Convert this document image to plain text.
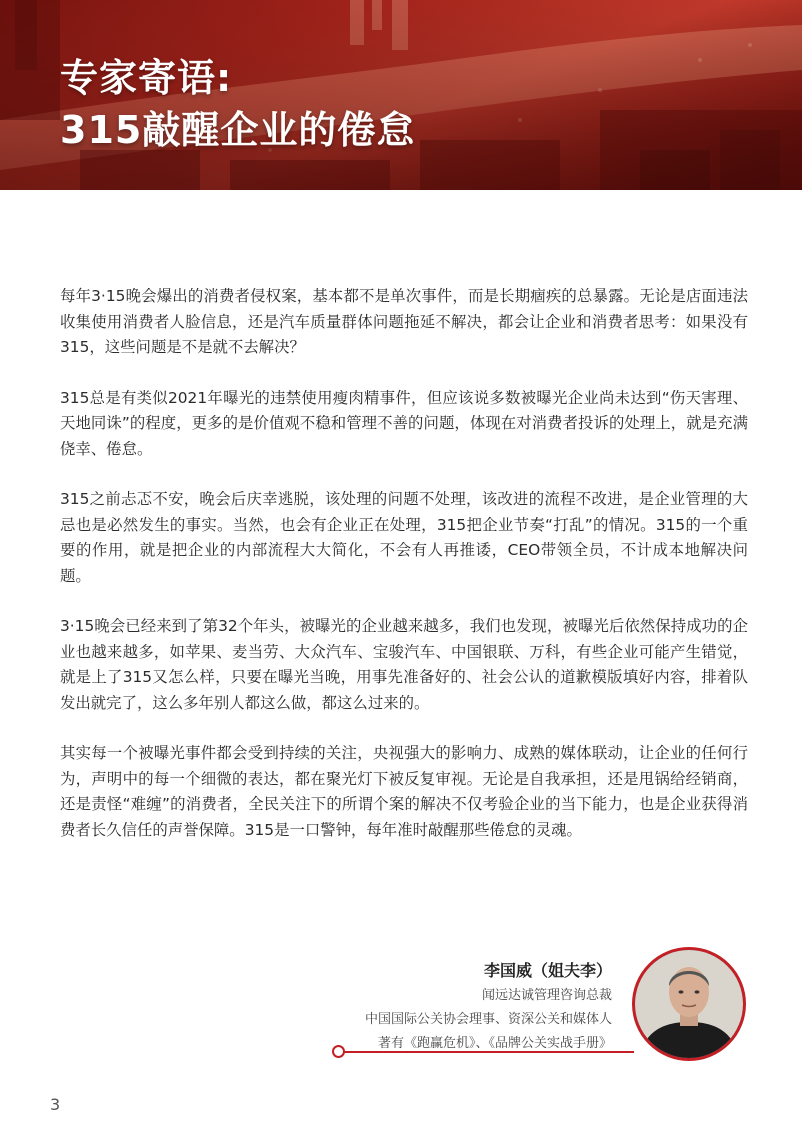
专家寄语:
315敲醒企业的倦怠

每年3·15晚会爆出的消费者侵权案，基本都不是单次事件，而是长期痼疾的总暴露。无论是店面违法收集使用消费者人脸信息，还是汽车质量群体问题拖延不解决，都会让企业和消费者思考：如果没有315，这些问题是不是就不去解决？

315总是有类似2021年曝光的违禁使用瘦肉精事件，但应该说多数被曝光企业尚未达到“伤天害理、天地同诛”的程度，更多的是价值观不稳和管理不善的问题，体现在对消费者投诉的处理上，就是充满侥幸、倦怠。

315之前忐忑不安，晚会后庆幸逃脱，该处理的问题不处理，该改进的流程不改进，是企业管理的大忌也是必然发生的事实。当然，也会有企业正在处理，315把企业节奏“打乱”的情况。315的一个重要的作用，就是把企业的内部流程大大简化，不会有人再推诿，CEO带领全员，不计成本地解决问题。

3·15晚会已经来到了第32个年头，被曝光的企业越来越多，我们也发现，被曝光后依然保持成功的企业也越来越多，如苹果、麦当劳、大众汽车、宝骏汽车、中国银联、万科，有些企业可能产生错觉，就是上了315又怎么样，只要在曝光当晚，用事先准备好的、社会公认的道歉模版填好内容，排着队发出就完了，这么多年别人都这么做，都这么过来的。

其实每一个被曝光事件都会受到持续的关注，央视强大的影响力、成熟的媒体联动，让企业的任何行为，声明中的每一个细微的表达，都在聚光灯下被反复审视。无论是自我承担，还是甩锅给经销商，还是责怪“难缠”的消费者，全民关注下的所谓个案的解决不仅考验企业的当下能力，也是企业获得消费者长久信任的声誉保障。315是一口警钟，每年准时敲醒那些倦怠的灵魂。

李国威（姐夫李）

闻远达诚管理咨询总裁

中国国际公关协会理事、资深公关和媒体人

著有《跑赢危机》、《品牌公关实战手册》

3
